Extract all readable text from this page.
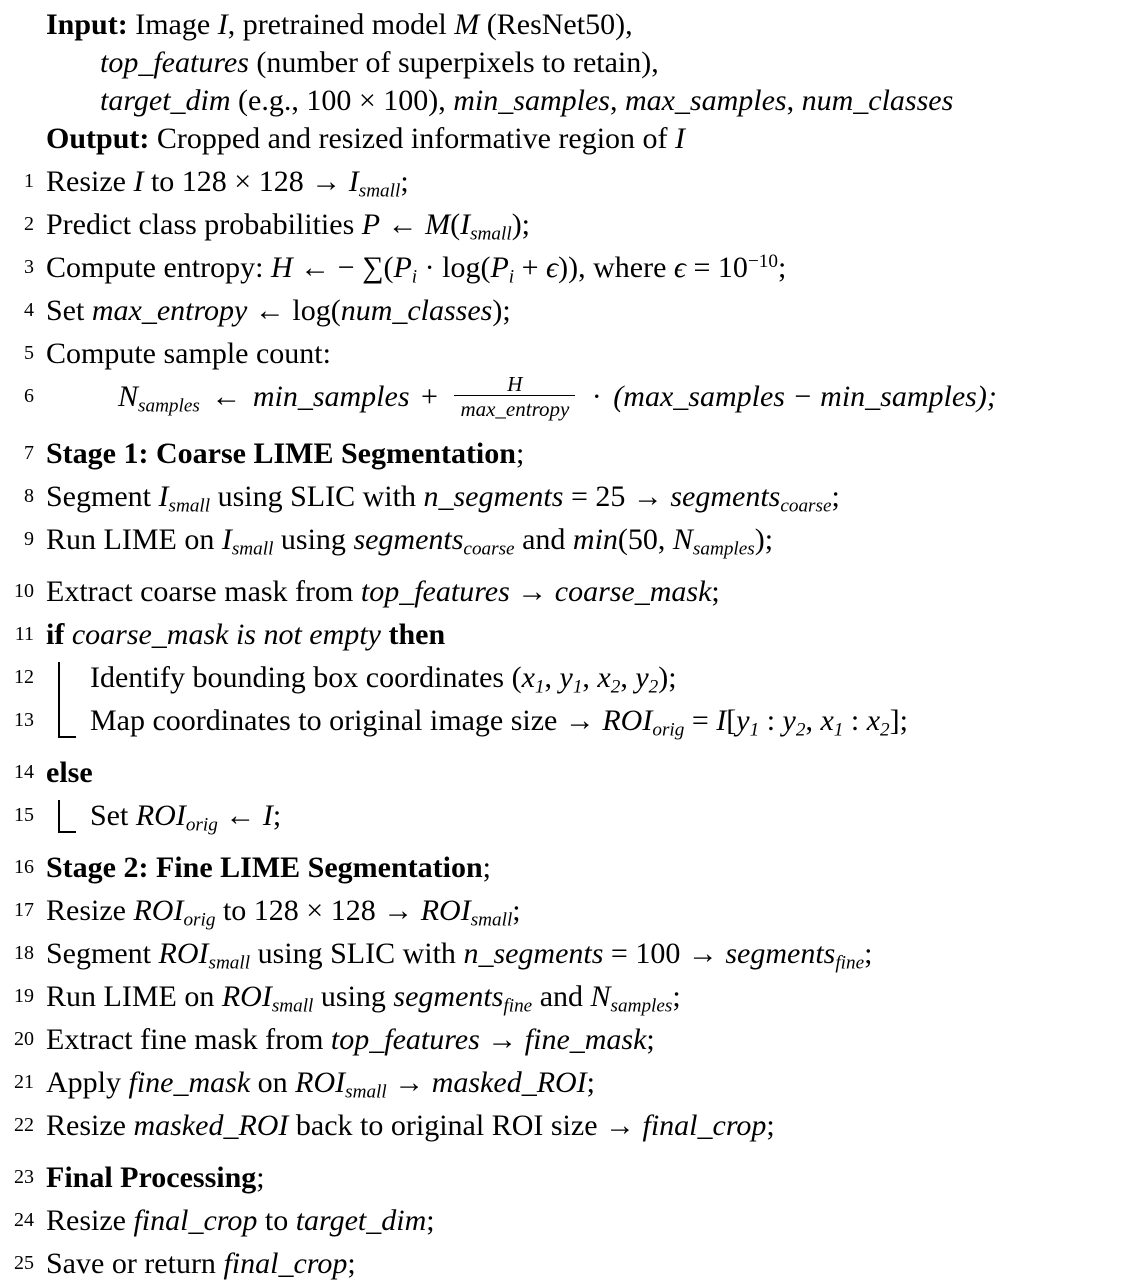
Input: Image I, pretrained model M (ResNet50),
top_features (number of superpixels to retain),
target_dim (e.g., 100 × 100), min_samples, max_samples, num_classes
Output: Cropped and resized informative region of I
1 Resize I to $128 \times 128 \to I_{small}$;
2 Predict class probabilities P ← $M(I_{small})$;
3 Compute entropy: H ← − $\sum(P_i \cdot \log(P_i + \epsilon))$, where $\epsilon = 10^{-10}$;
4 Set max_entropy ← log(num_classes);
5 Compute sample count:
6	$N_{samples}$ ← min_samples + $\frac{H}{\text{max\_entropy}}$ · (max_samples − min_samples);
7 Stage 1: Coarse LIME Segmentation;
8 Segment $I_{small}$ using SLIC with n_segments = 25 → segments$_{coarse}$;
9 Run LIME on $I_{small}$ using segments$_{coarse}$ and min(50, $N_{samples}$);
10 Extract coarse mask from top_features → coarse_mask;
11 if coarse_mask is not empty then
12	Identify bounding box coordinates ($x_1$, $y_1$, $x_2$, $y_2$);
13	Map coordinates to original image size → $ROI_{orig} = I[y_1$ : $y_2$, $x_1$ : $x_2$];
14 else
15	Set $ROI_{orig}$ ← I;
16 Stage 2: Fine LIME Segmentation;
17 Resize $ROI_{orig}$ to $128 \times 128 \to ROI_{small}$;
18 Segment $ROI_{small}$ using SLIC with n_segments = 100 → segments$_{fine}$;
19 Run LIME on $ROI_{small}$ using segments$_{fine}$ and $N_{samples}$;
20 Extract fine mask from top_features → fine_mask;
21 Apply fine_mask on $ROI_{small}$ → masked_ROI;
22 Resize masked_ROI back to original ROI size → final_crop;
23 Final Processing;
24 Resize final_crop to target_dim;
25 Save or return final_crop;
